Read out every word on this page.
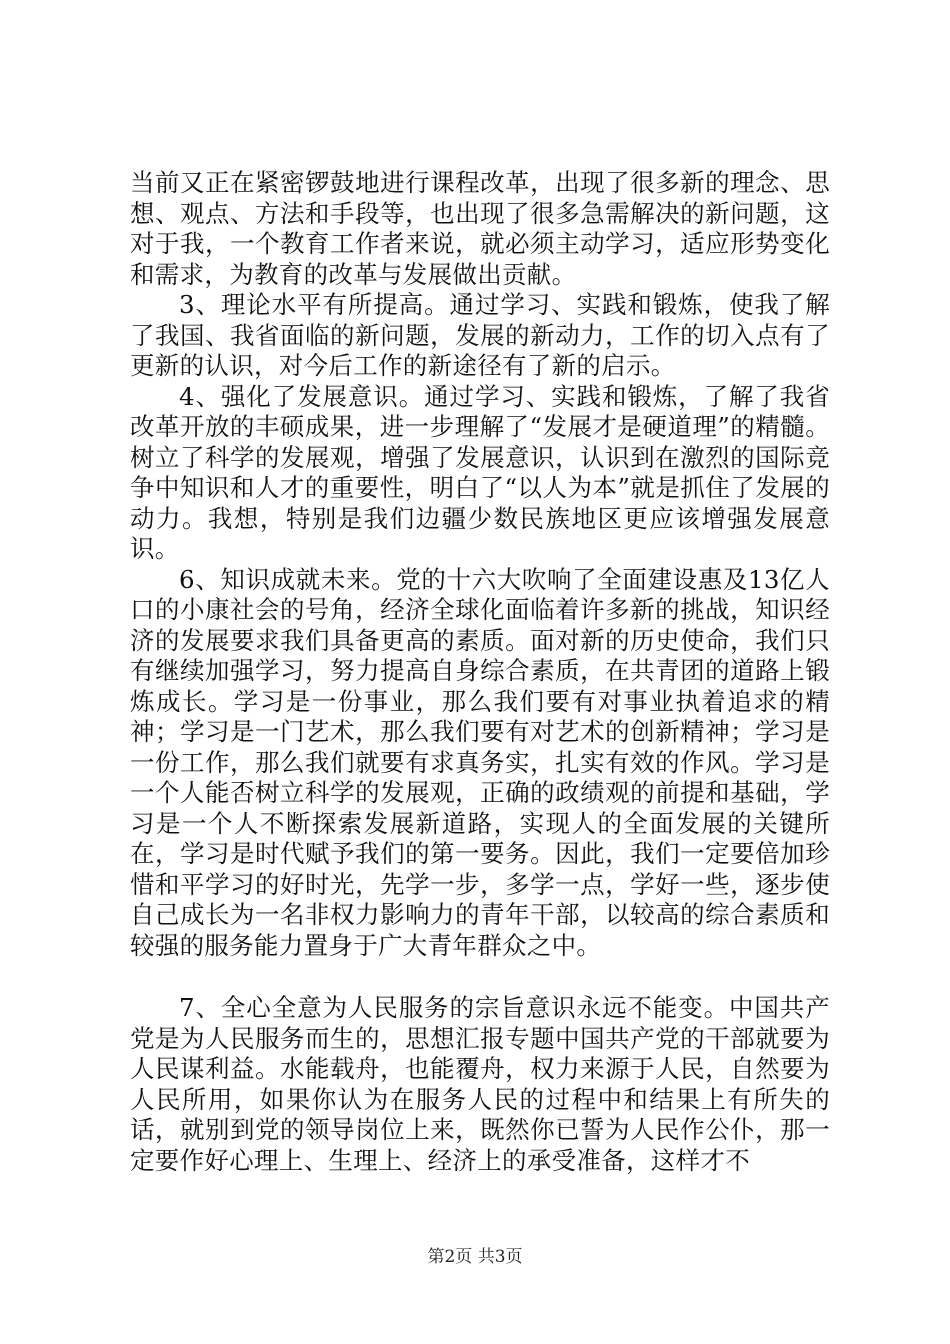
当前又正在紧密锣鼓地进行课程改革，出现了很多新的理念、思想、观点、方法和手段等，也出现了很多急需解决的新问题，这对于我，一个教育工作者来说，就必须主动学习，适应形势变化和需求，为教育的改革与发展做出贡献。

3、理论水平有所提高。通过学习、实践和锻炼，使我了解了我国、我省面临的新问题，发展的新动力，工作的切入点有了更新的认识，对今后工作的新途径有了新的启示。

4、强化了发展意识。通过学习、实践和锻炼，了解了我省改革开放的丰硕成果，进一步理解了“发展才是硬道理”的精髓。树立了科学的发展观，增强了发展意识，认识到在激烈的国际竞争中知识和人才的重要性，明白了“以人为本”就是抓住了发展的动力。我想，特别是我们边疆少数民族地区更应该增强发展意识。

6、知识成就未来。党的十六大吹响了全面建设惠及13亿人口的小康社会的号角，经济全球化面临着许多新的挑战，知识经济的发展要求我们具备更高的素质。面对新的历史使命，我们只有继续加强学习，努力提高自身综合素质，在共青团的道路上锻炼成长。学习是一份事业，那么我们要有对事业执着追求的精神；学习是一门艺术，那么我们要有对艺术的创新精神；学习是一份工作，那么我们就要有求真务实，扎实有效的作风。学习是一个人能否树立科学的发展观，正确的政绩观的前提和基础，学习是一个人不断探索发展新道路，实现人的全面发展的关键所在，学习是时代赋予我们的第一要务。因此，我们一定要倍加珍惜和平学习的好时光，先学一步，多学一点，学好一些，逐步使自己成长为一名非权力影响力的青年干部，以较高的综合素质和较强的服务能力置身于广大青年群众之中。

7、全心全意为人民服务的宗旨意识永远不能变。中国共产党是为人民服务而生的，思想汇报专题中国共产党的干部就要为人民谋利益。水能载舟，也能覆舟，权力来源于人民，自然要为人民所用，如果你认为在服务人民的过程中和结果上有所失的话，就别到党的领导岗位上来，既然你已誓为人民作公仆，那一定要作好心理上、生理上、经济上的承受准备，这样才不

第2页 共3页
